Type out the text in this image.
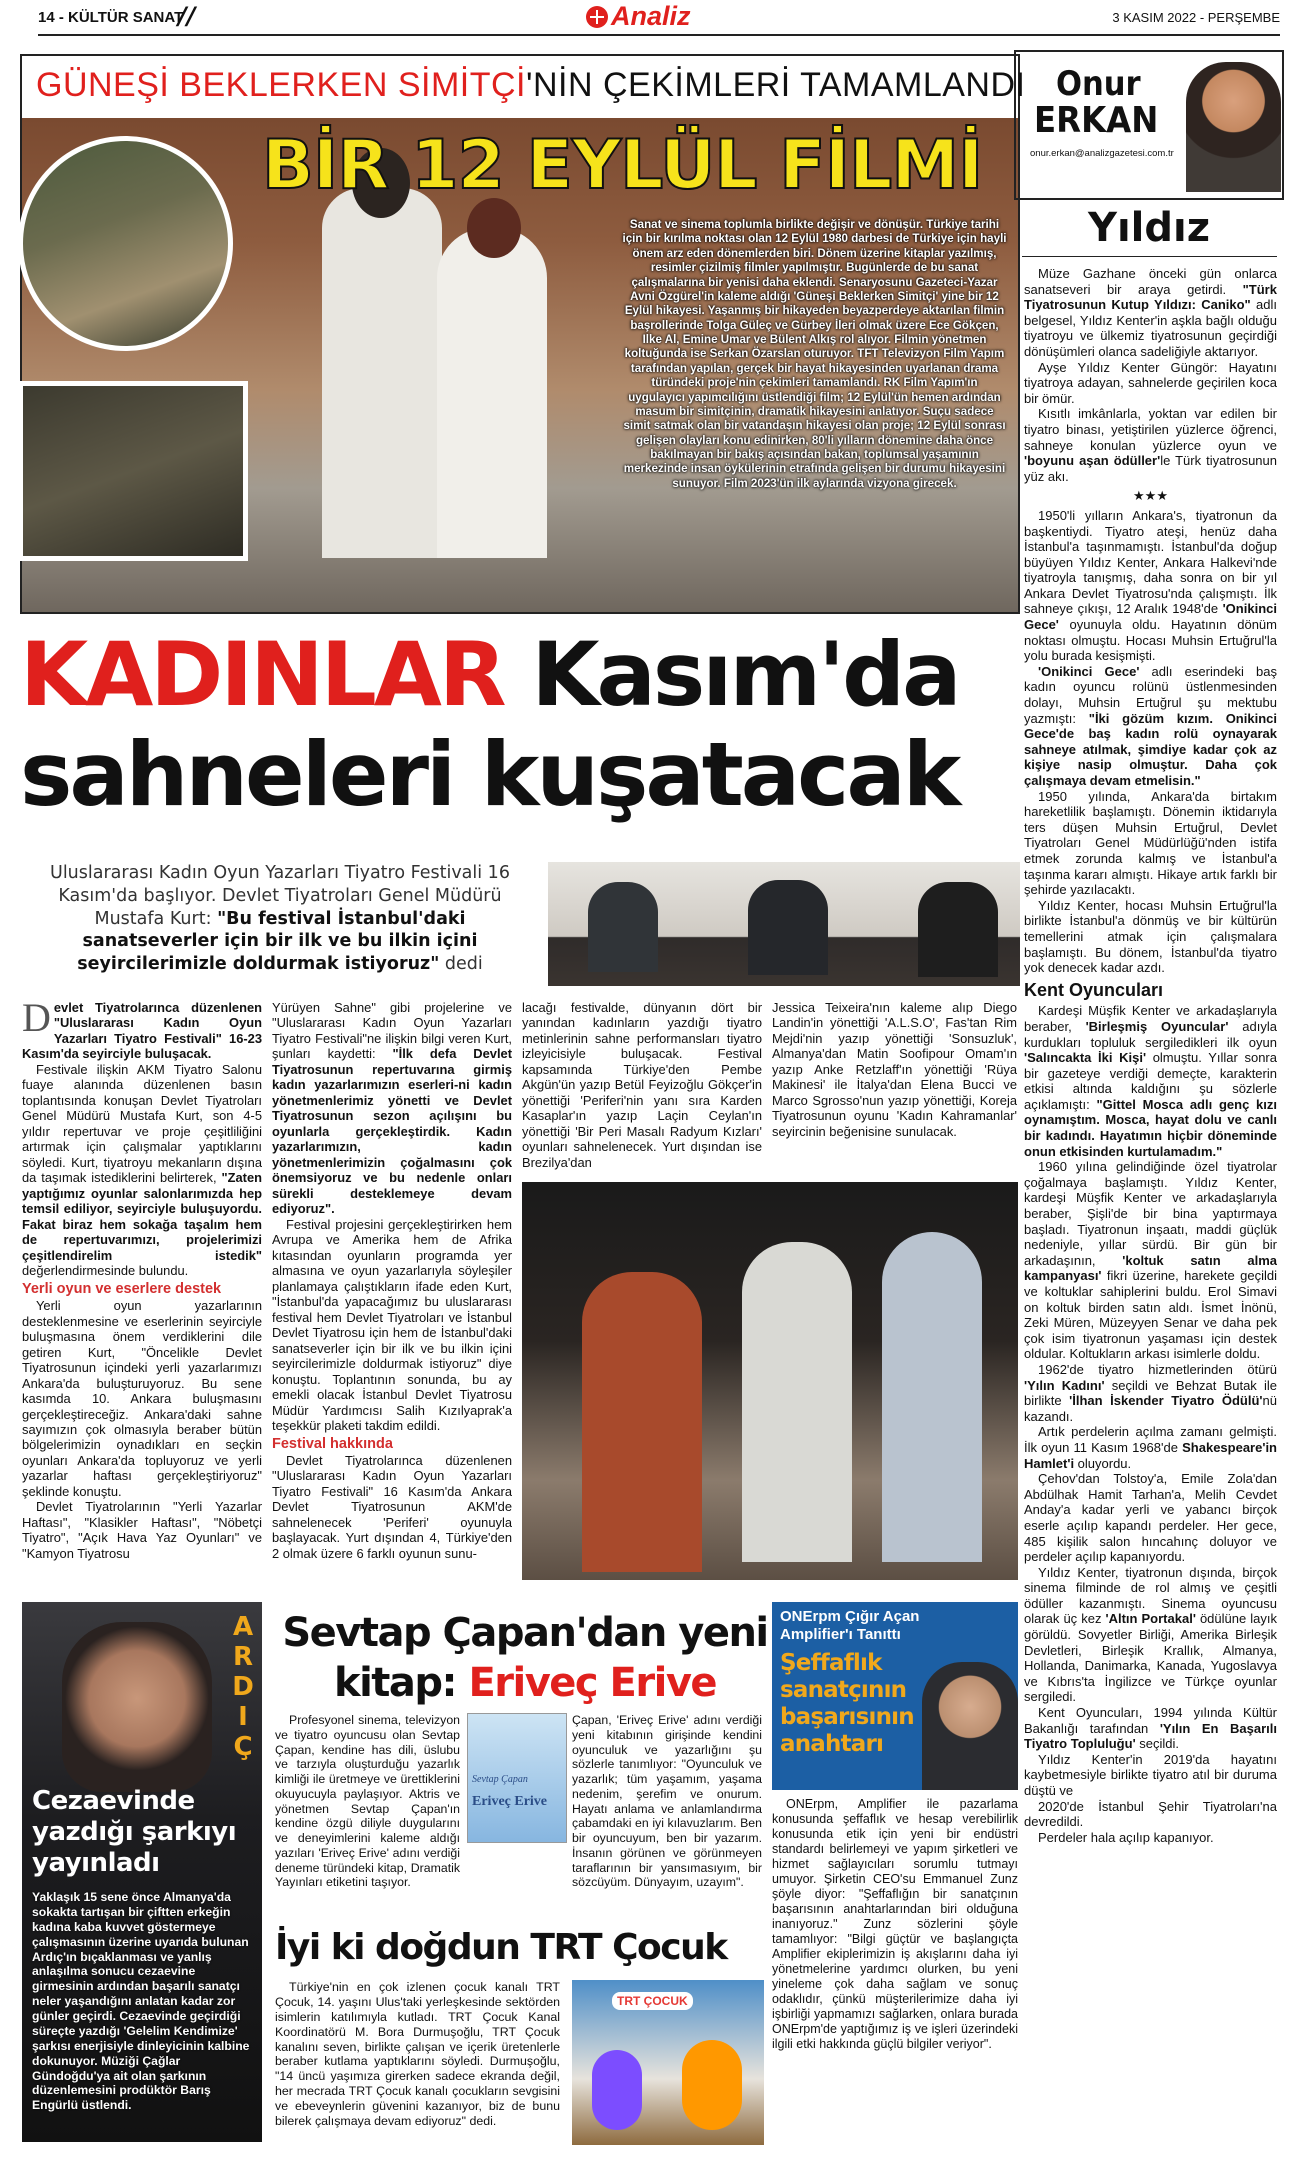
14 - KÜLTÜR SANAT
//	Analiz	3 KASIM 2022 - PERŞEMBE
GÜNEŞİ BEKLERKEN SİMİTÇİ'NİN ÇEKİMLERİ TAMAMLANDI
BİR 12 EYLÜL FİLMİ
Sanat ve sinema toplumla birlikte değişir ve dönüşür. Türkiye tarihi için bir kırılma noktası olan 12 Eylül 1980 darbesi de Türkiye için hayli önem arz eden dönemlerden biri. Dönem üzerine kitaplar yazılmış, resimler çizilmiş filmler yapılmıştır. Bugünlerde de bu sanat çalışmalarına bir yenisi daha eklendi. Senaryosunu Gazeteci-Yazar Avni Özgürel'in kaleme aldığı 'Güneşi Beklerken Simitçi' yine bir 12 Eylül hikayesi. Yaşanmış bir hikayeden beyazperdeye aktarılan filmin başrollerinde Tolga Güleç ve Gürbey İleri olmak üzere Ece Gökçen, Ilke Al, Emine Umar ve Bülent Alkış rol alıyor. Filmin yönetmen koltuğunda ise Serkan Özarslan oturuyor. TFT Televizyon Film Yapım tarafından yapılan, gerçek bir hayat hikayesinden uyarlanan drama türündeki proje'nin çekimleri tamamlandı. RK Film Yapım'ın uygulayıcı yapımcılığını üstlendiği film; 12 Eylül'ün hemen ardından masum bir simitçinin, dramatik hikayesini anlatıyor. Suçu sadece simit satmak olan bir vatandaşın hikayesi olan proje; 12 Eylül sonrası gelişen olayları konu edinirken, 80'li yılların dönemine daha önce bakılmayan bir bakış açısından bakan, toplumsal yaşamının merkezinde insan öykülerinin etrafında gelişen bir durumu hikayesini sunuyor. Film 2023'ün ilk aylarında vizyona girecek.
KADINLAR Kasım'da
sahneleri kuşatacak
Uluslararası Kadın Oyun Yazarları Tiyatro Festivali 16 Kasım'da başlıyor. Devlet Tiyatroları Genel Müdürü Mustafa Kurt: "Bu festival İstanbul'daki sanatseverler için bir ilk ve bu ilkin içini seyircilerimizle doldurmak istiyoruz" dedi

Devlet Tiyatrolarınca düzenlenen "Uluslararası Kadın Oyun Yazarları Tiyatro Festivali" 16-23 Kasım'da seyirciyle buluşacak.

Festivale ilişkin AKM Tiyatro Salonu fuaye alanında düzenlenen basın toplantısında konuşan Devlet Tiyatroları Genel Müdürü Mustafa Kurt, son 4-5 yıldır repertuvar ve proje çeşitliliğini artırmak için çalışmalar yaptıklarını söyledi. Kurt, tiyatroyu mekanların dışına da taşımak istediklerini belirterek, "Zaten yaptığımız oyunlar salonlarımızda hep temsil ediliyor, seyirciyle buluşuyordu. Fakat biraz hem sokağa taşalım hem de repertuvarımızı, projelerimizi çeşitlendirelim istedik" değerlendirmesinde bulundu.

Yerli oyun ve eserlere destek

Yerli oyun yazarlarının desteklenmesine ve eserlerinin seyirciyle buluşmasına önem verdiklerini dile getiren Kurt, "Öncelikle Devlet Tiyatrosunun içindeki yerli yazarlarımızı Ankara'da buluşturuyoruz. Bu sene kasımda 10. Ankara buluşmasını gerçekleştireceğiz. Ankara'daki sahne sayımızın çok olmasıyla beraber bütün bölgelerimizin oynadıkları en seçkin oyunları Ankara'da topluyoruz ve yerli yazarlar haftası gerçekleştiriyoruz" şeklinde konuştu.

Devlet Tiyatrolarının "Yerli Yazarlar Haftası", "Klasikler Haftası", "Nöbetçi Tiyatro", "Açık Hava Yaz Oyunları" ve "Kamyon Tiyatrosu

Yürüyen Sahne" gibi projelerine ve "Uluslararası Kadın Oyun Yazarları Tiyatro Festivali"ne ilişkin bilgi veren Kurt, şunları kaydetti: "İlk defa Devlet Tiyatrosunun repertuvarına girmiş kadın yazarlarımızın eserleri-ni kadın yönetmenlerimiz yönetti ve Devlet Tiyatrosunun sezon açılışını bu oyunlarla gerçekleştirdik. Kadın yazarlarımızın, kadın yönetmenlerimizin çoğalmasını çok önemsiyoruz ve bu nedenle onları sürekli desteklemeye devam ediyoruz".

Festival projesini gerçekleştirirken hem Avrupa ve Amerika hem de Afrika kıtasından oyunların programda yer almasına ve oyun yazarlarıyla söyleşiler planlamaya çalıştıkların ifade eden Kurt, "İstanbul'da yapacağımız bu uluslararası festival hem Devlet Tiyatroları ve İstanbul Devlet Tiyatrosu için hem de İstanbul'daki sanatseverler için bir ilk ve bu ilkin içini seyircilerimizle doldurmak istiyoruz" diye konuştu. Toplantının sonunda, bu ay emekli olacak İstanbul Devlet Tiyatrosu Müdür Yardımcısı Salih Kızılyaprak'a teşekkür plaketi takdim edildi.

Festival hakkında

Devlet Tiyatrolarınca düzenlenen "Uluslararası Kadın Oyun Yazarları Tiyatro Festivali" 16 Kasım'da Ankara Devlet Tiyatrosunun AKM'de sahnelenecek 'Periferi' oyunuyla başlayacak. Yurt dışından 4, Türkiye'den 2 olmak üzere 6 farklı oyunun sunu-

lacağı festivalde, dünyanın dört bir yanından kadınların yazdığı tiyatro metinlerinin sahne performansları tiyatro izleyicisiyle buluşacak. Festival kapsamında Türkiye'den Pembe Akgün'ün yazıp Betül Feyizoğlu Gökçer'in yönettiği 'Periferi'nin yanı sıra Karden Kasaplar'ın yazıp Laçin Ceylan'ın yönettiği 'Bir Peri Masalı Radyum Kızları' oyunları sahnelenecek. Yurt dışından ise Brezilya'dan

Jessica Teixeira'nın kaleme alıp Diego Landin'in yönettiği 'A.L.S.O', Fas'tan Rim Mejdi'nin yazıp yönettiği 'Sonsuzluk', Almanya'dan Matin Soofipour Omam'ın yazıp Anke Retzlaff'ın yönettiği 'Rüya Makinesi' ile İtalya'dan Elena Bucci ve Marco Sgrosso'nun yazıp yönettiği, Koreja Tiyatrosunun oyunu 'Kadın Kahramanlar' seyircinin beğenisine sunulacak.

Onur
ERKAN
onur.erkan@analizgazetesi.com.tr
Yıldız

Müze Gazhane önceki gün onlarca sanatseveri bir araya getirdi. "Türk Tiyatrosunun Kutup Yıldızı: Caniko" adlı belgesel, Yıldız Kenter'in aşkla bağlı olduğu tiyatroyu ve ülkemiz tiyatrosunun geçirdiği dönüşümleri olanca sadeliğiyle aktarıyor.

Ayşe Yıldız Kenter Güngör: Hayatını tiyatroya adayan, sahnelerde geçirilen koca bir ömür.

Kısıtlı imkânlarla, yoktan var edilen bir tiyatro binası, yetiştirilen yüzlerce öğrenci, sahneye konulan yüzlerce oyun ve 'boyunu aşan ödüller'le Türk tiyatrosunun yüz akı.

★★★

1950'li yılların Ankara's, tiyatronun da başkentiydi. Tiyatro ateşi, henüz daha İstanbul'a taşınmamıştı. İstanbul'da doğup büyüyen Yıldız Kenter, Ankara Halkevi'nde tiyatroyla tanışmış, daha sonra on bir yıl Ankara Devlet Tiyatrosu'nda çalışmıştı. İlk sahneye çıkışı, 12 Aralık 1948'de 'Onikinci Gece' oyunuyla oldu. Hayatının dönüm noktası olmuştu. Hocası Muhsin Ertuğrul'la yolu burada kesişmişti.

'Onikinci Gece' adlı eserindeki baş kadın oyuncu rolünü üstlenmesinden dolayı, Muhsin Ertuğrul şu mektubu yazmıştı: "İki gözüm kızım. Onikinci Gece'de baş kadın rolü oynayarak sahneye atılmak, şimdiye kadar çok az kişiye nasip olmuştur. Daha çok çalışmaya devam etmelisin."

1950 yılında, Ankara'da birtakım hareketlilik başlamıştı. Dönemin iktidarıyla ters düşen Muhsin Ertuğrul, Devlet Tiyatroları Genel Müdürlüğü'nden istifa etmek zorunda kalmış ve İstanbul'a taşınma kararı almıştı. Hikaye artık farklı bir şehirde yazılacaktı.

Yıldız Kenter, hocası Muhsin Ertuğrul'la birlikte İstanbul'a dönmüş ve bir kültürün temellerini atmak için çalışmalara başlamıştı. Bu dönem, İstanbul'da tiyatro yok denecek kadar azdı.

Kent Oyuncuları

Kardeşi Müşfik Kenter ve arkadaşlarıyla beraber, 'Birleşmiş Oyuncular' adıyla kurdukları topluluk sergiledikleri ilk oyun 'Salıncakta İki Kişi' olmuştu. Yıllar sonra bir gazeteye verdiği demeçte, karakterin etkisi altında kaldığını şu sözlerle açıklamıştı: "Gittel Mosca adlı genç kızı oynamıştım. Mosca, hayat dolu ve canlı bir kadındı. Hayatımın hiçbir döneminde onun etkisinden kurtulamadım."

1960 yılına gelindiğinde özel tiyatrolar çoğalmaya başlamıştı. Yıldız Kenter, kardeşi Müşfik Kenter ve arkadaşlarıyla beraber, Şişli'de bir bina yaptırmaya başladı. Tiyatronun inşaatı, maddi güçlük nedeniyle, yıllar sürdü. Bir gün bir arkadaşının, 'koltuk satın alma kampanyası' fikri üzerine, harekete geçildi ve koltuklar sahiplerini buldu. Erol Simavi on koltuk birden satın aldı. İsmet İnönü, Zeki Müren, Müzeyyen Senar ve daha pek çok isim tiyatronun yaşaması için destek oldular. Koltukların arkası isimlerle doldu.

1962'de tiyatro hizmetlerinden ötürü 'Yılın Kadını' seçildi ve Behzat Butak ile birlikte 'İlhan İskender Tiyatro Ödülü'nü kazandı.

Artık perdelerin açılma zamanı gelmişti. İlk oyun 11 Kasım 1968'de Shakespeare'in Hamlet'i oluyordu.

Çehov'dan Tolstoy'a, Emile Zola'dan Abdülhak Hamit Tarhan'a, Melih Cevdet Anday'a kadar yerli ve yabancı birçok eserle açılıp kapandı perdeler. Her gece, 485 kişilik salon hıncahınç doluyor ve perdeler açılıp kapanıyordu.

Yıldız Kenter, tiyatronun dışında, birçok sinema filminde de rol almış ve çeşitli ödüller kazanmıştı. Sinema oyuncusu olarak üç kez 'Altın Portakal' ödülüne layık görüldü. Sovyetler Birliği, Amerika Birleşik Devletleri, Birleşik Krallık, Almanya, Hollanda, Danimarka, Kanada, Yugoslavya ve Kıbrıs'ta İngilizce ve Türkçe oyunlar sergiledi.

Kent Oyuncuları, 1994 yılında Kültür Bakanlığı tarafından 'Yılın En Başarılı Tiyatro Topluluğu' seçildi.

Yıldız Kenter'in 2019'da hayatını kaybetmesiyle birlikte tiyatro atıl bir duruma düştü ve

2020'de İstanbul Şehir Tiyatroları'na devredildi.

Perdeler hala açılıp kapanıyor.

ARDIÇ
Cezaevinde yazdığı şarkıyı yayınladı
Yaklaşık 15 sene önce Almanya'da sokakta tartışan bir çiftten erkeğin kadına kaba kuvvet göstermeye çalışmasının üzerine uyarıda bulunan Ardıç'ın bıçaklanması ve yanlış anlaşılma sonucu cezaevine girmesinin ardından başarılı sanatçı neler yaşandığını anlatan kadar zor günler geçirdi. Cezaevinde geçirdiği süreçte yazdığı 'Gelelim Kendimize' şarkısı enerjisiyle dinleyicinin kalbine dokunuyor. Müziği Çağlar Gündoğdu'ya ait olan şarkının düzenlemesini prodüktör Barış Engürlü üstlendi.
Sevtap Çapan'dan yeni
kitap: Eriveç Erive

Profesyonel sinema, televizyon ve tiyatro oyuncusu olan Sevtap Çapan, kendine has dili, üslubu ve tarzıyla oluşturduğu yazarlık kimliği ile üretmeye ve ürettiklerini okuyucuyla paylaşıyor. Aktris ve yönetmen Sevtap Çapan'ın kendine özgü diliyle duygularını ve deneyimlerini kaleme aldığı yazıları 'Eriveç Erive' adını verdiği deneme türündeki kitap, Dramatik Yayınları etiketini taşıyor.

Sevtap Çapan
Eriveç Erive

Çapan, 'Eriveç Erive' adını verdiği yeni kitabının girişinde kendini oyunculuk ve yazarlığını şu sözlerle tanımlıyor: "Oyunculuk ve yazarlık; tüm yaşamım, yaşama nedenim, şerefim ve onurum. Hayatı anlama ve anlamlandırma çabamdaki en iyi kılavuzlarım. Ben bir oyuncuyum, ben bir yazarım. İnsanın görünen ve görünmeyen taraflarının bir yansımasıyım, bir sözcüyüm. Dünyayım, uzayım".

İyi ki doğdun TRT Çocuk

Türkiye'nin en çok izlenen çocuk kanalı TRT Çocuk, 14. yaşını Ulus'taki yerleşkesinde sektörden isimlerin katılımıyla kutladı. TRT Çocuk Kanal Koordinatörü M. Bora Durmuşoğlu, TRT Çocuk kanalını seven, birlikte çalışan ve içerik üretenlerle beraber kutlama yaptıklarını söyledi. Durmuşoğlu, "14 üncü yaşımıza girerken sadece ekranda değil, her mecrada TRT Çocuk kanalı çocukların sevgisini ve ebeveynlerin güvenini kazanıyor, biz de bunu bilerek çalışmaya devam ediyoruz" dedi.

TRT ÇOCUK
ONErpm Çığır Açan Amplifier'ı Tanıttı
Şeffaflık sanatçının başarısının anahtarı

ONErpm, Amplifier ile pazarlama konusunda şeffaflık ve hesap verebilirlik konusunda etik için yeni bir endüstri standardı belirlemeyi ve yapım şirketleri ve hizmet sağlayıcıları sorumlu tutmayı umuyor. Şirketin CEO'su Emmanuel Zunz şöyle diyor: "Şeffaflığın bir sanatçının başarısının anahtarlarından biri olduğuna inanıyoruz." Zunz sözlerini şöyle tamamlıyor: "Bilgi güçtür ve başlangıçta Amplifier ekiplerimizin iş akışlarını daha iyi yönetmelerine yardımcı olurken, bu yeni yineleme çok daha sağlam ve sonuç odaklıdır, çünkü müşterilerimize daha iyi işbirliği yapmamızı sağlarken, onlara burada ONErpm'de yaptığımız iş ve işleri üzerindeki ilgili etki hakkında güçlü bilgiler veriyor".
